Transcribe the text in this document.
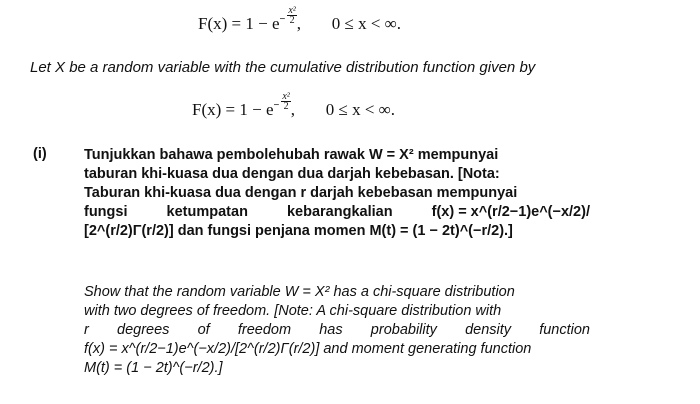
$F(x) = 1 - e^- \frac{\text{x²}}{2}$ , 0 ≤ x < ∞.
Let X be a random variable with the cumulative distribution function given by
$F(x) = 1 - e^- \frac{\text{x²}}{2}$ , 0 ≤ x < ∞.
(i)	Tunjukkan bahawa pembolehubah rawak W = X² mempunyai

taburan khi-kuasa dua dengan dua darjah kebebasan. [Nota:

Taburan khi-kuasa dua dengan r darjah kebebasan mempunyai

fungsi	ketumpatan	kebarangkalian	f(x) = x^(r/2−1)e^(−x/2)/

[2^(r/2)Γ(r/2)] dan fungsi penjana momen M(t) = (1 − 2t)^(−r/2).]

Show that the random variable W = X² has a chi-square distribution

with two degrees of freedom. [Note: A chi-square distribution with

r degrees of freedom has probability density function

f(x) = x^(r/2−1)e^(−x/2)/[2^(r/2)Γ(r/2)] and moment generating function

M(t) = (1 − 2t)^(−r/2).]
